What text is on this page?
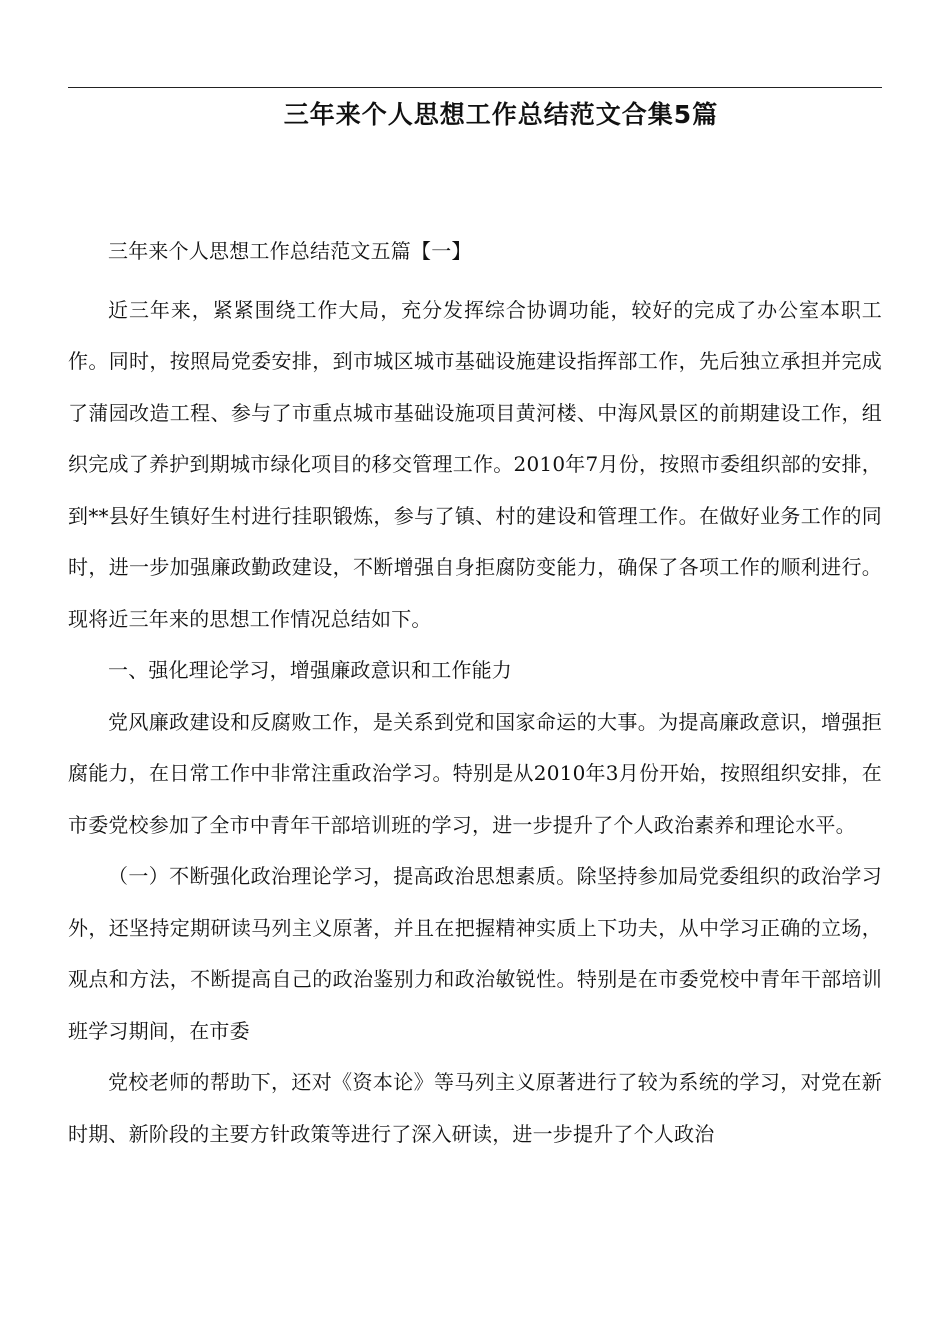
三年来个人思想工作总结范文合集5篇

三年来个人思想工作总结范文五篇【一】

近三年来，紧紧围绕工作大局，充分发挥综合协调功能，较好的完成了办公室本职工作。同时，按照局党委安排，到市城区城市基础设施建设指挥部工作，先后独立承担并完成了蒲园改造工程、参与了市重点城市基础设施项目黄河楼、中海风景区的前期建设工作，组织完成了养护到期城市绿化项目的移交管理工作。2010年7月份，按照市委组织部的安排，到**县好生镇好生村进行挂职锻炼，参与了镇、村的建设和管理工作。在做好业务工作的同时，进一步加强廉政勤政建设，不断增强自身拒腐防变能力，确保了各项工作的顺利进行。现将近三年来的思想工作情况总结如下。

一、强化理论学习，增强廉政意识和工作能力

党风廉政建设和反腐败工作，是关系到党和国家命运的大事。为提高廉政意识，增强拒腐能力，在日常工作中非常注重政治学习。特别是从2010年3月份开始，按照组织安排，在市委党校参加了全市中青年干部培训班的学习，进一步提升了个人政治素养和理论水平。

（一）不断强化政治理论学习，提高政治思想素质。除坚持参加局党委组织的政治学习外，还坚持定期研读马列主义原著，并且在把握精神实质上下功夫，从中学习正确的立场，观点和方法，不断提高自己的政治鉴别力和政治敏锐性。特别是在市委党校中青年干部培训班学习期间，在市委

党校老师的帮助下，还对《资本论》等马列主义原著进行了较为系统的学习，对党在新时期、新阶段的主要方针政策等进行了深入研读，进一步提升了个人政治
